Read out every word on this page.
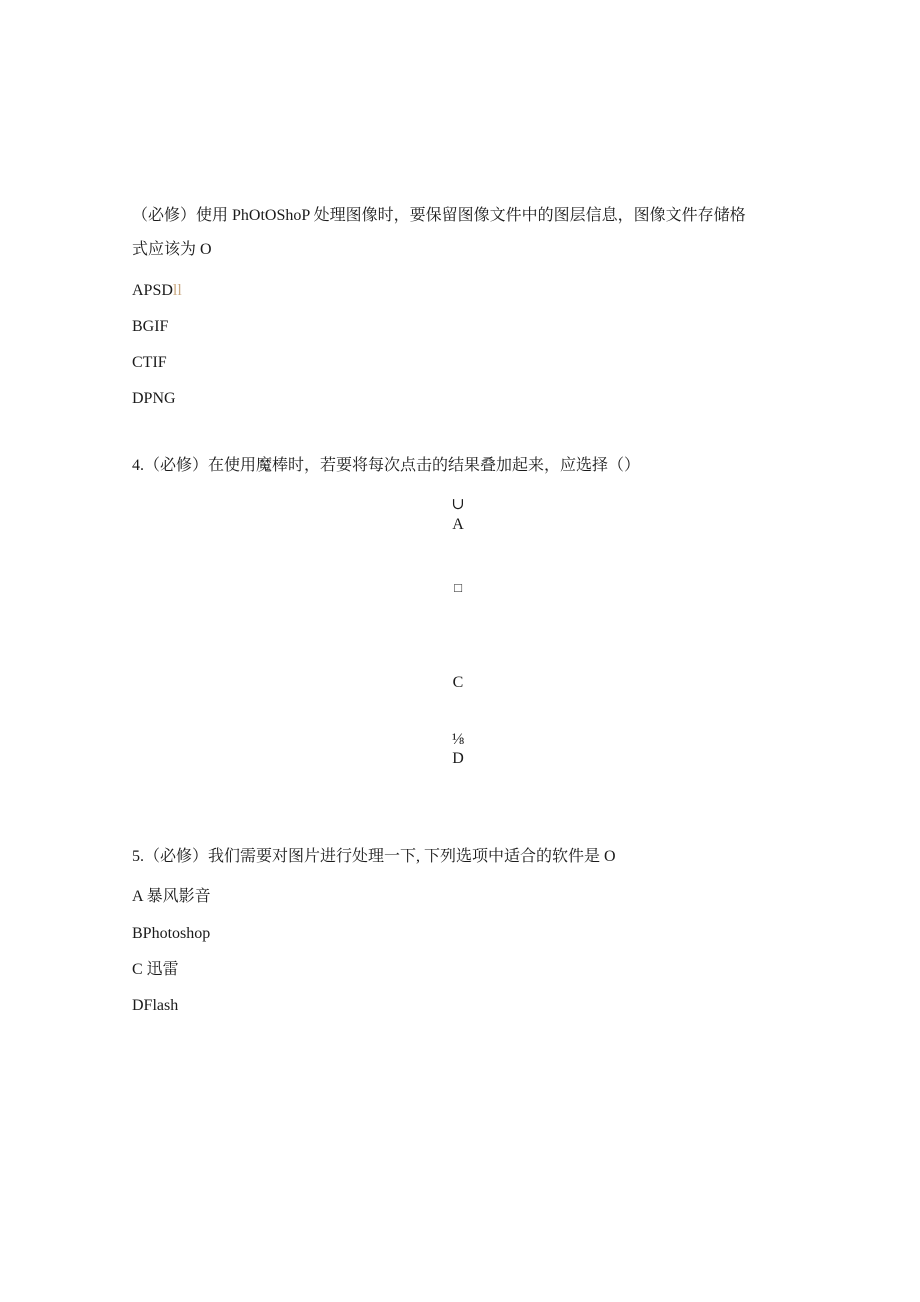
（必修）使用 PhOtOShoP 处理图像时，要保留图像文件中的图层信息，图像文件存储格
式应该为 O
APSDll
BGIF
CTIF
DPNG
4.（必修）在使用魔棒时，若要将每次点击的结果叠加起来，应选择（）
∪
A
□
C
⅛
D
5.（必修）我们需要对图片进行处理一下, 下列选项中适合的软件是 O
A 暴风影音
BPhotoshop
C 迅雷
DFlash
